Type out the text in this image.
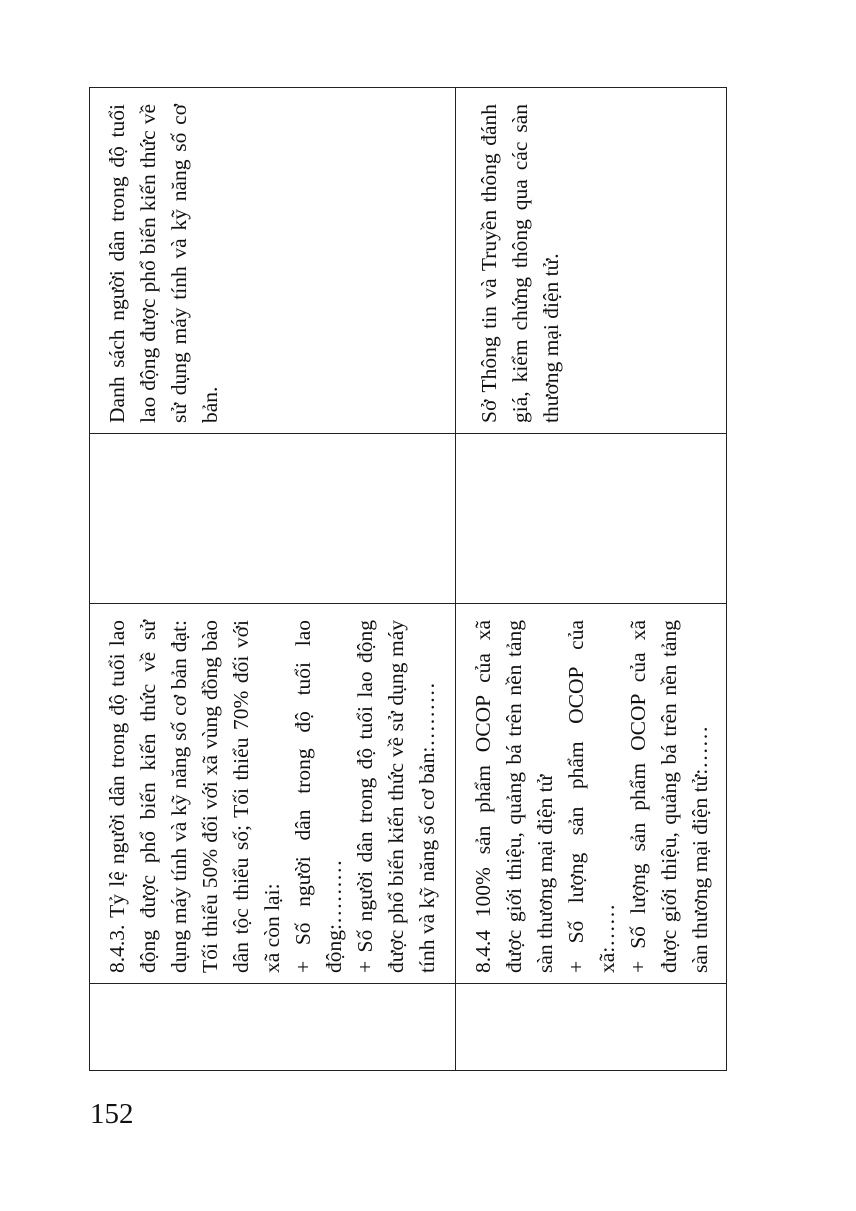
	8.4.3. Tỷ lệ người dân trong độ tuổi lao động được phổ biến kiến thức về sử dụng máy tính và kỹ năng số cơ bản đạt: Tối thiểu 50% đối với xã vùng đồng bào dân tộc thiểu số; Tối thiểu 70% đối với xã còn lại: + Số người dân trong độ tuổi lao động:……… + Số người dân trong độ tuổi lao động được phổ biến kiến thức về sử dụng máy tính và kỹ năng số cơ bản:………		Danh sách người dân trong độ tuổi lao động được phổ biến kiến thức về sử dụng máy tính và kỹ năng số cơ bản.

	8.4.4 100% sản phẩm OCOP của xã được giới thiệu, quảng bá trên nền tảng sàn thương mại điện tử + Số lượng sản phẩm OCOP của xã:…… + Số lượng sản phẩm OCOP của xã được giới thiệu, quảng bá trên nền tảng sàn thương mại điện tử:……		Sở Thông tin và Truyền thông đánh giá, kiểm chứng thông qua các sàn thương mại điện tử.

152
